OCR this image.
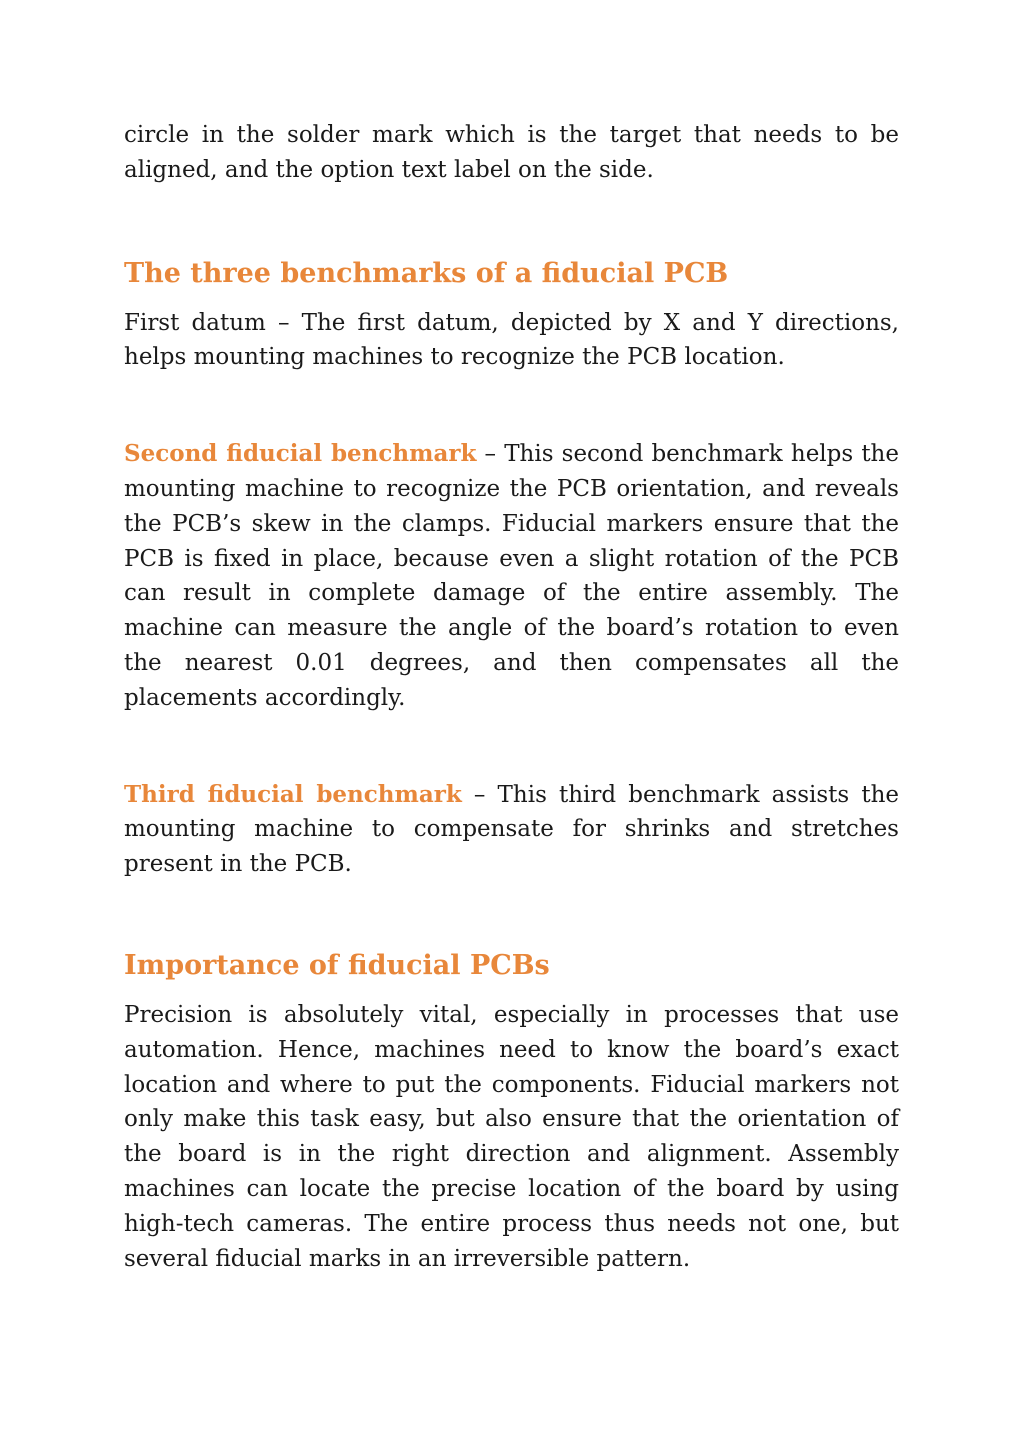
circle in the solder mark which is the target that needs to be aligned, and the option text label on the side.

The three benchmarks of a fiducial PCB

First datum – The first datum, depicted by X and Y directions, helps mounting machines to recognize the PCB location.

Second fiducial benchmark – This second benchmark helps the mounting machine to recognize the PCB orientation, and reveals the PCB’s skew in the clamps. Fiducial markers ensure that the PCB is fixed in place, because even a slight rotation of the PCB can result in complete damage of the entire assembly. The machine can measure the angle of the board’s rotation to even the nearest 0.01 degrees, and then compensates all the placements accordingly.

Third fiducial benchmark – This third benchmark assists the mounting machine to compensate for shrinks and stretches present in the PCB.

Importance of fiducial PCBs

Precision is absolutely vital, especially in processes that use automation. Hence, machines need to know the board’s exact location and where to put the components. Fiducial markers not only make this task easy, but also ensure that the orientation of the board is in the right direction and alignment. Assembly machines can locate the precise location of the board by using high-tech cameras. The entire process thus needs not one, but several fiducial marks in an irreversible pattern.
